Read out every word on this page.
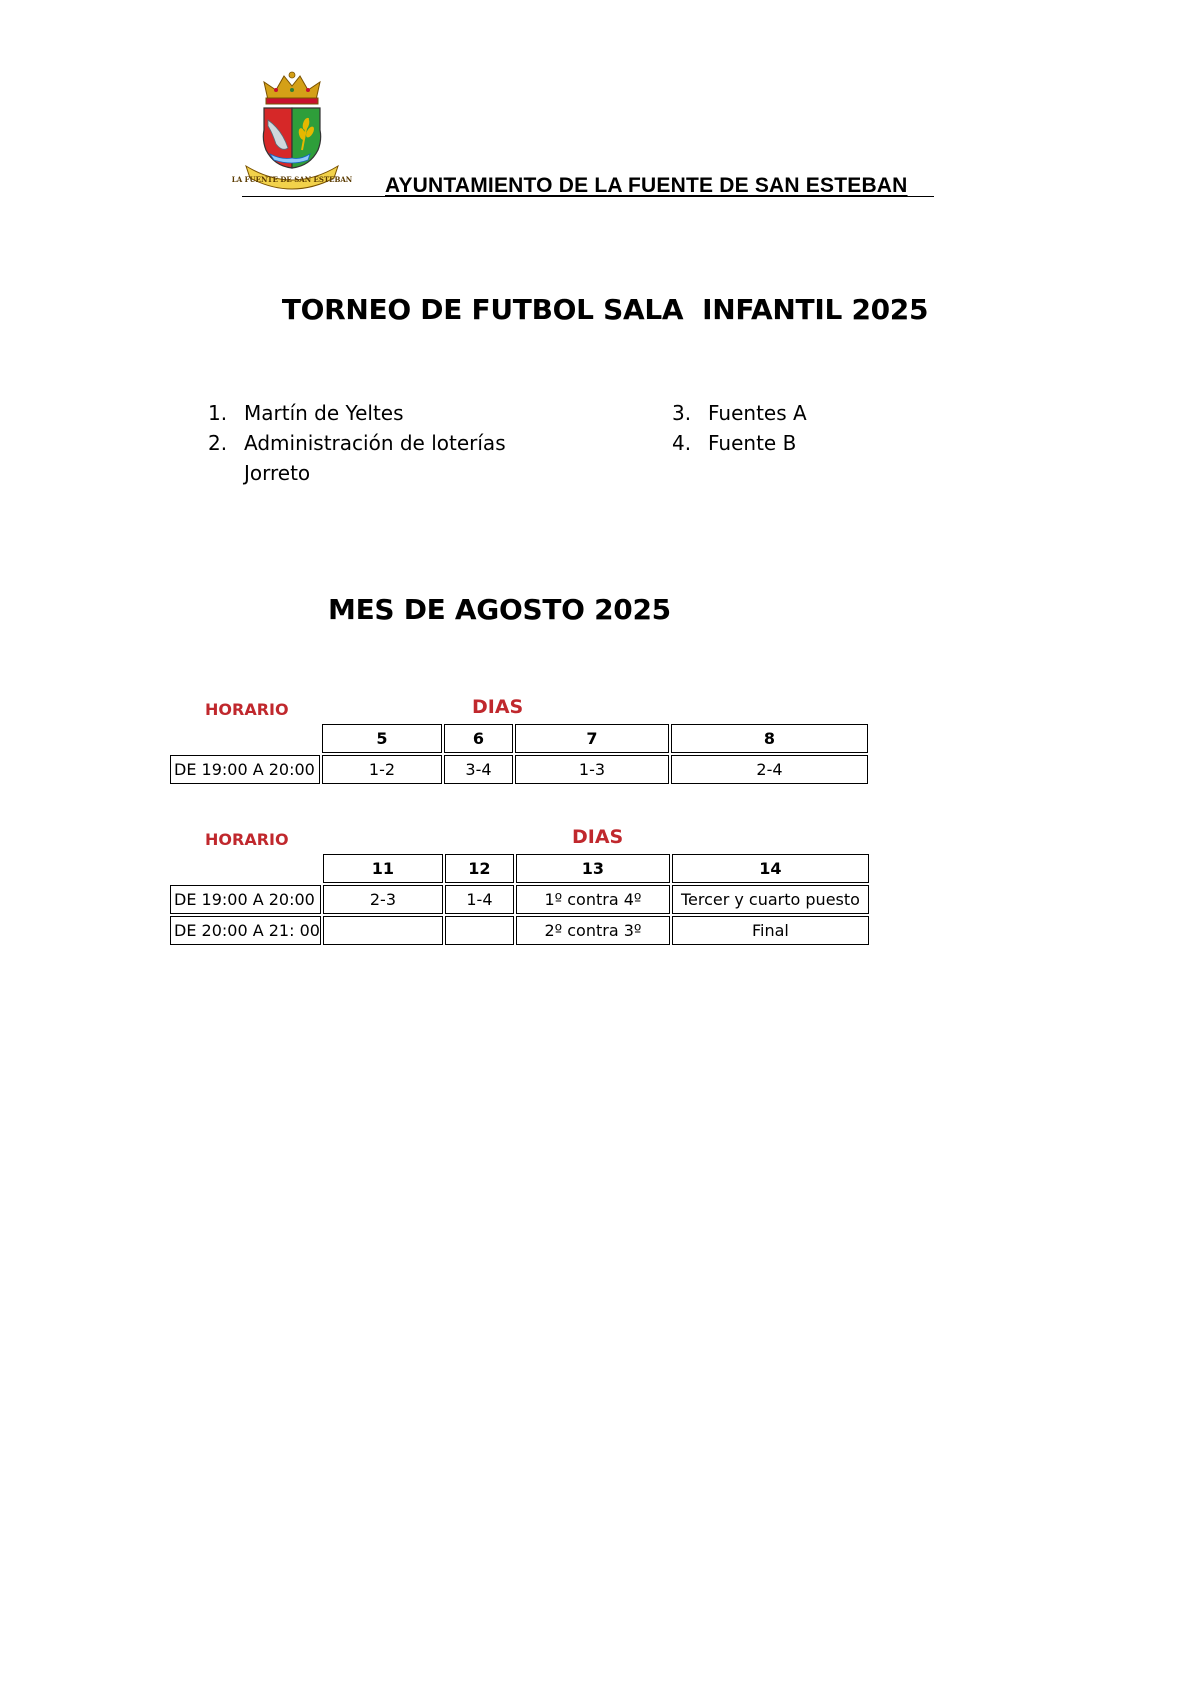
LA FUENTE DE SAN ESTEBAN AYUNTAMIENTO DE LA FUENTE DE SAN ESTEBAN
TORNEO DE FUTBOL SALA  INFANTIL 2025
1. Martín de Yeltes
2. Administración de loterías Jorreto
3. Fuentes A
4. Fuente B
MES DE AGOSTO 2025
HORARIO	DIAS
	5	6	7	8
DE 19:00 A 20:00	1-2	3-4	1-3	2-4
HORARIO	DIAS
	11	12	13	14
DE 19:00 A 20:00	2-3	1-4	1º contra 4º	Tercer y cuarto puesto
DE 20:00 A 21: 00			2º contra 3º	Final
